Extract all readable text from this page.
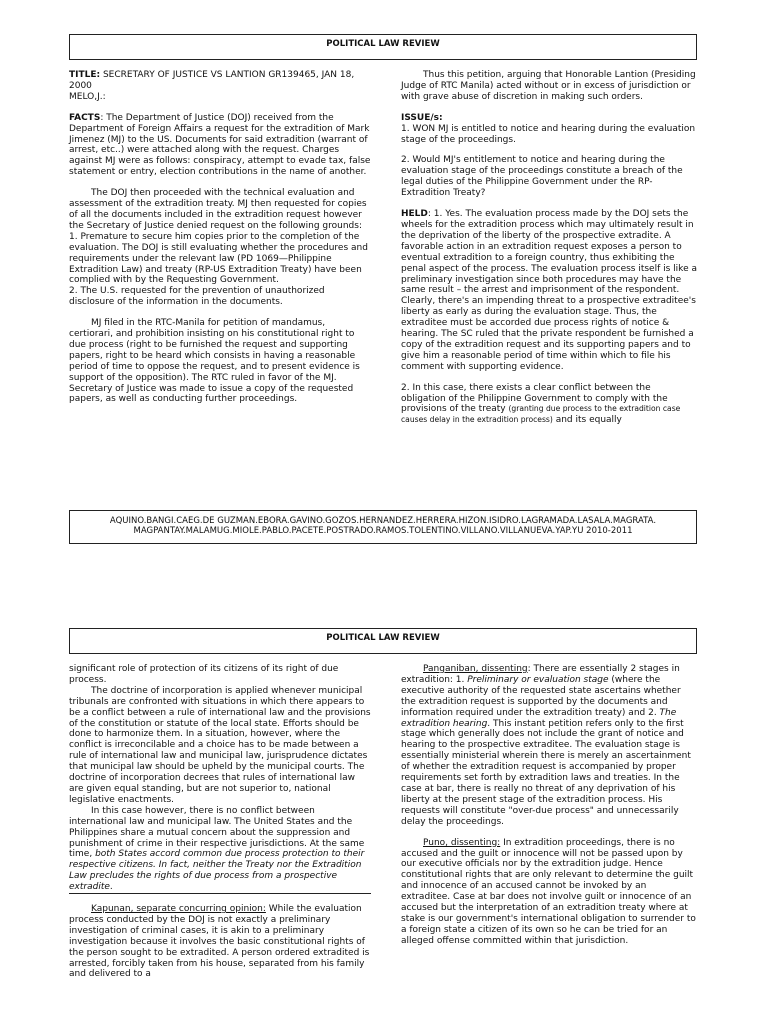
POLITICAL LAW REVIEW

TITLE: SECRETARY OF JUSTICE VS LANTION GR139465, JAN 18, 2000

MELO,J.:

FACTS: The Department of Justice (DOJ) received from the Department of Foreign Affairs a request for the extradition of Mark Jimenez (MJ) to the US. Documents for said extradition (warrant of arrest, etc..) were attached along with the request. Charges against MJ were as follows: conspiracy, attempt to evade tax, false statement or entry, election contributions in the name of another.

The DOJ then proceeded with the technical evaluation and assessment of the extradition treaty. MJ then requested for copies of all the documents included in the extradition request however the Secretary of Justice denied request on the following grounds:

1. Premature to secure him copies prior to the completion of the evaluation. The DOJ is still evaluating whether the procedures and requirements under the relevant law (PD 1069—Philippine Extradition Law) and treaty (RP-US Extradition Treaty) have been complied with by the Requesting Government.

2. The U.S. requested for the prevention of unauthorized disclosure of the information in the documents.

MJ filed in the RTC-Manila for petition of mandamus, certiorari, and prohibition insisting on his constitutional right to due process (right to be furnished the request and supporting papers, right to be heard which consists in having a reasonable period of time to oppose the request, and to present evidence is support of the opposition). The RTC ruled in favor of the MJ. Secretary of Justice was made to issue a copy of the requested papers, as well as conducting further proceedings.

Thus this petition, arguing that Honorable Lantion (Presiding Judge of RTC Manila) acted without or in excess of jurisdiction or with grave abuse of discretion in making such orders.

ISSUE/s:

1. WON MJ is entitled to notice and hearing during the evaluation stage of the proceedings.

2. Would MJ's entitlement to notice and hearing during the evaluation stage of the proceedings constitute a breach of the legal duties of the Philippine Government under the RP-Extradition Treaty?

HELD: 1. Yes. The evaluation process made by the DOJ sets the wheels for the extradition process which may ultimately result in the deprivation of the liberty of the prospective extradite. A favorable action in an extradition request exposes a person to eventual extradition to a foreign country, thus exhibiting the penal aspect of the process. The evaluation process itself is like a preliminary investigation since both procedures may have the same result – the arrest and imprisonment of the respondent. Clearly, there's an impending threat to a prospective extraditee's liberty as early as during the evaluation stage. Thus, the extraditee must be accorded due process rights of notice & hearing. The SC ruled that the private respondent be furnished a copy of the extradition request and its supporting papers and to give him a reasonable period of time within which to file his comment with supporting evidence.

2. In this case, there exists a clear conflict between the obligation of the Philippine Government to comply with the provisions of the treaty (granting due process to the extradition case causes delay in the extradition process) and its equally

AQUINO.BANGI.CAEG.DE GUZMAN.EBORA.GAVINO.GOZOS.HERNANDEZ.HERRERA.HIZON.ISIDRO.LAGRAMADA.LASALA.MAGRATA.
MAGPANTAY.MALAMUG.MIOLE.PABLO.PACETE.POSTRADO.RAMOS.TOLENTINO.VILLANO.VILLANUEVA.YAP.YU 2010-2011
POLITICAL LAW REVIEW

significant role of protection of its citizens of its right of due process.

The doctrine of incorporation is applied whenever municipal tribunals are confronted with situations in which there appears to be a conflict between a rule of international law and the provisions of the constitution or statute of the local state. Efforts should be done to harmonize them. In a situation, however, where the conflict is irreconcilable and a choice has to be made between a rule of international law and municipal law, jurisprudence dictates that municipal law should be upheld by the municipal courts. The doctrine of incorporation decrees that rules of international law are given equal standing, but are not superior to, national legislative enactments.

In this case however, there is no conflict between international law and municipal law. The United States and the Philippines share a mutual concern about the suppression and punishment of crime in their respective jurisdictions. At the same time, both States accord common due process protection to their respective citizens. In fact, neither the Treaty nor the Extradition Law precludes the rights of due process from a prospective extradite.

Kapunan, separate concurring opinion: While the evaluation process conducted by the DOJ is not exactly a preliminary investigation of criminal cases, it is akin to a preliminary investigation because it involves the basic constitutional rights of the person sought to be extradited. A person ordered extradited is arrested, forcibly taken from his house, separated from his family and delivered to a

Panganiban, dissenting: There are essentially 2 stages in extradition: 1. Preliminary or evaluation stage (where the executive authority of the requested state ascertains whether the extradition request is supported by the documents and information required under the extradition treaty) and 2. The extradition hearing. This instant petition refers only to the first stage which generally does not include the grant of notice and hearing to the prospective extraditee. The evaluation stage is essentially ministerial wherein there is merely an ascertainment of whether the extradition request is accompanied by proper requirements set forth by extradition laws and treaties. In the case at bar, there is really no threat of any deprivation of his liberty at the present stage of the extradition process. His requests will constitute "over-due process" and unnecessarily delay the proceedings.

Puno, dissenting: In extradition proceedings, there is no accused and the guilt or innocence will not be passed upon by our executive officials nor by the extradition judge. Hence constitutional rights that are only relevant to determine the guilt and innocence of an accused cannot be invoked by an extraditee. Case at bar does not involve guilt or innocence of an accused but the interpretation of an extradition treaty where at stake is our government's international obligation to surrender to a foreign state a citizen of its own so he can be tried for an alleged offense committed within that jurisdiction.
